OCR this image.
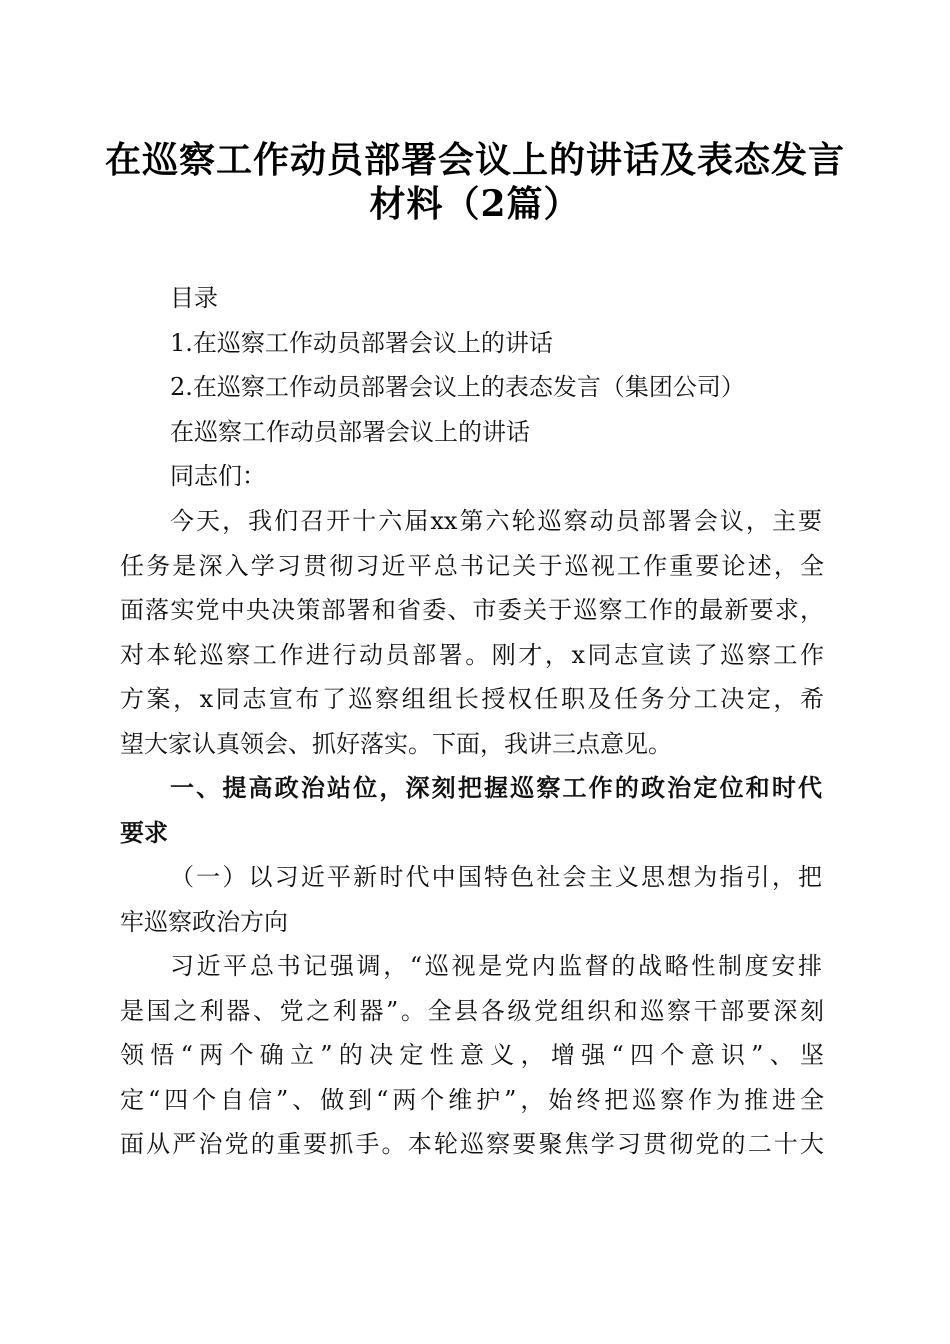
在巡察工作动员部署会议上的讲话及表态发言
材料（2篇）
目录
1.在巡察工作动员部署会议上的讲话
2.在巡察工作动员部署会议上的表态发言（集团公司）
在巡察工作动员部署会议上的讲话
同志们：
今天，我们召开十六届xx第六轮巡察动员部署会议，主要
任务是深入学习贯彻习近平总书记关于巡视工作重要论述，全
面落实党中央决策部署和省委、市委关于巡察工作的最新要求，
对本轮巡察工作进行动员部署。刚才，x同志宣读了巡察工作
方案，x同志宣布了巡察组组长授权任职及任务分工决定，希
望大家认真领会、抓好落实。下面，我讲三点意见。
一、提高政治站位，深刻把握巡察工作的政治定位和时代
要求
（一）以习近平新时代中国特色社会主义思想为指引，把
牢巡察政治方向
习近平总书记强调，“巡视是党内监督的战略性制度安排
是国之利器、党之利器”。全县各级党组织和巡察干部要深刻
领悟“两个确立”的决定性意义，增强“四个意识”、坚
定“四个自信”、做到“两个维护”，始终把巡察作为推进全
面从严治党的重要抓手。本轮巡察要聚焦学习贯彻党的二十大
